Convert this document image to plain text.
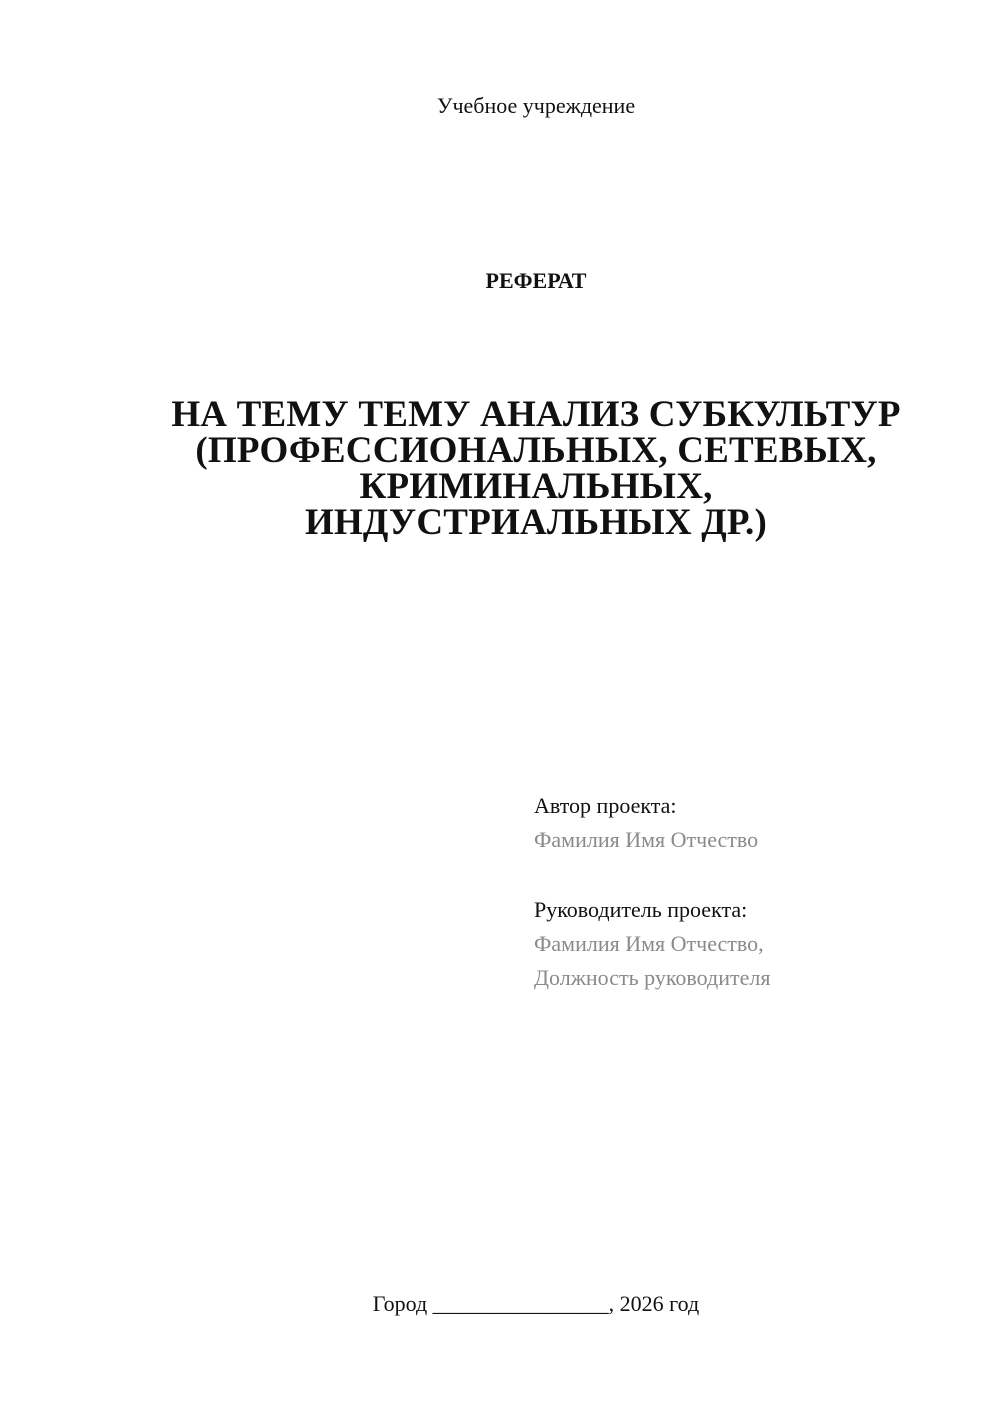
Учебное учреждение
РЕФЕРАТ
НА ТЕМУ ТЕМУ АНАЛИЗ СУБКУЛЬТУР
(ПРОФЕССИОНАЛЬНЫХ, СЕТЕВЫХ,
КРИМИНАЛЬНЫХ,
ИНДУСТРИАЛЬНЫХ ДР.)
Автор проекта:
Фамилия Имя Отчество
Руководитель проекта:
Фамилия Имя Отчество,
Должность руководителя
Город ________________, 2026 год
